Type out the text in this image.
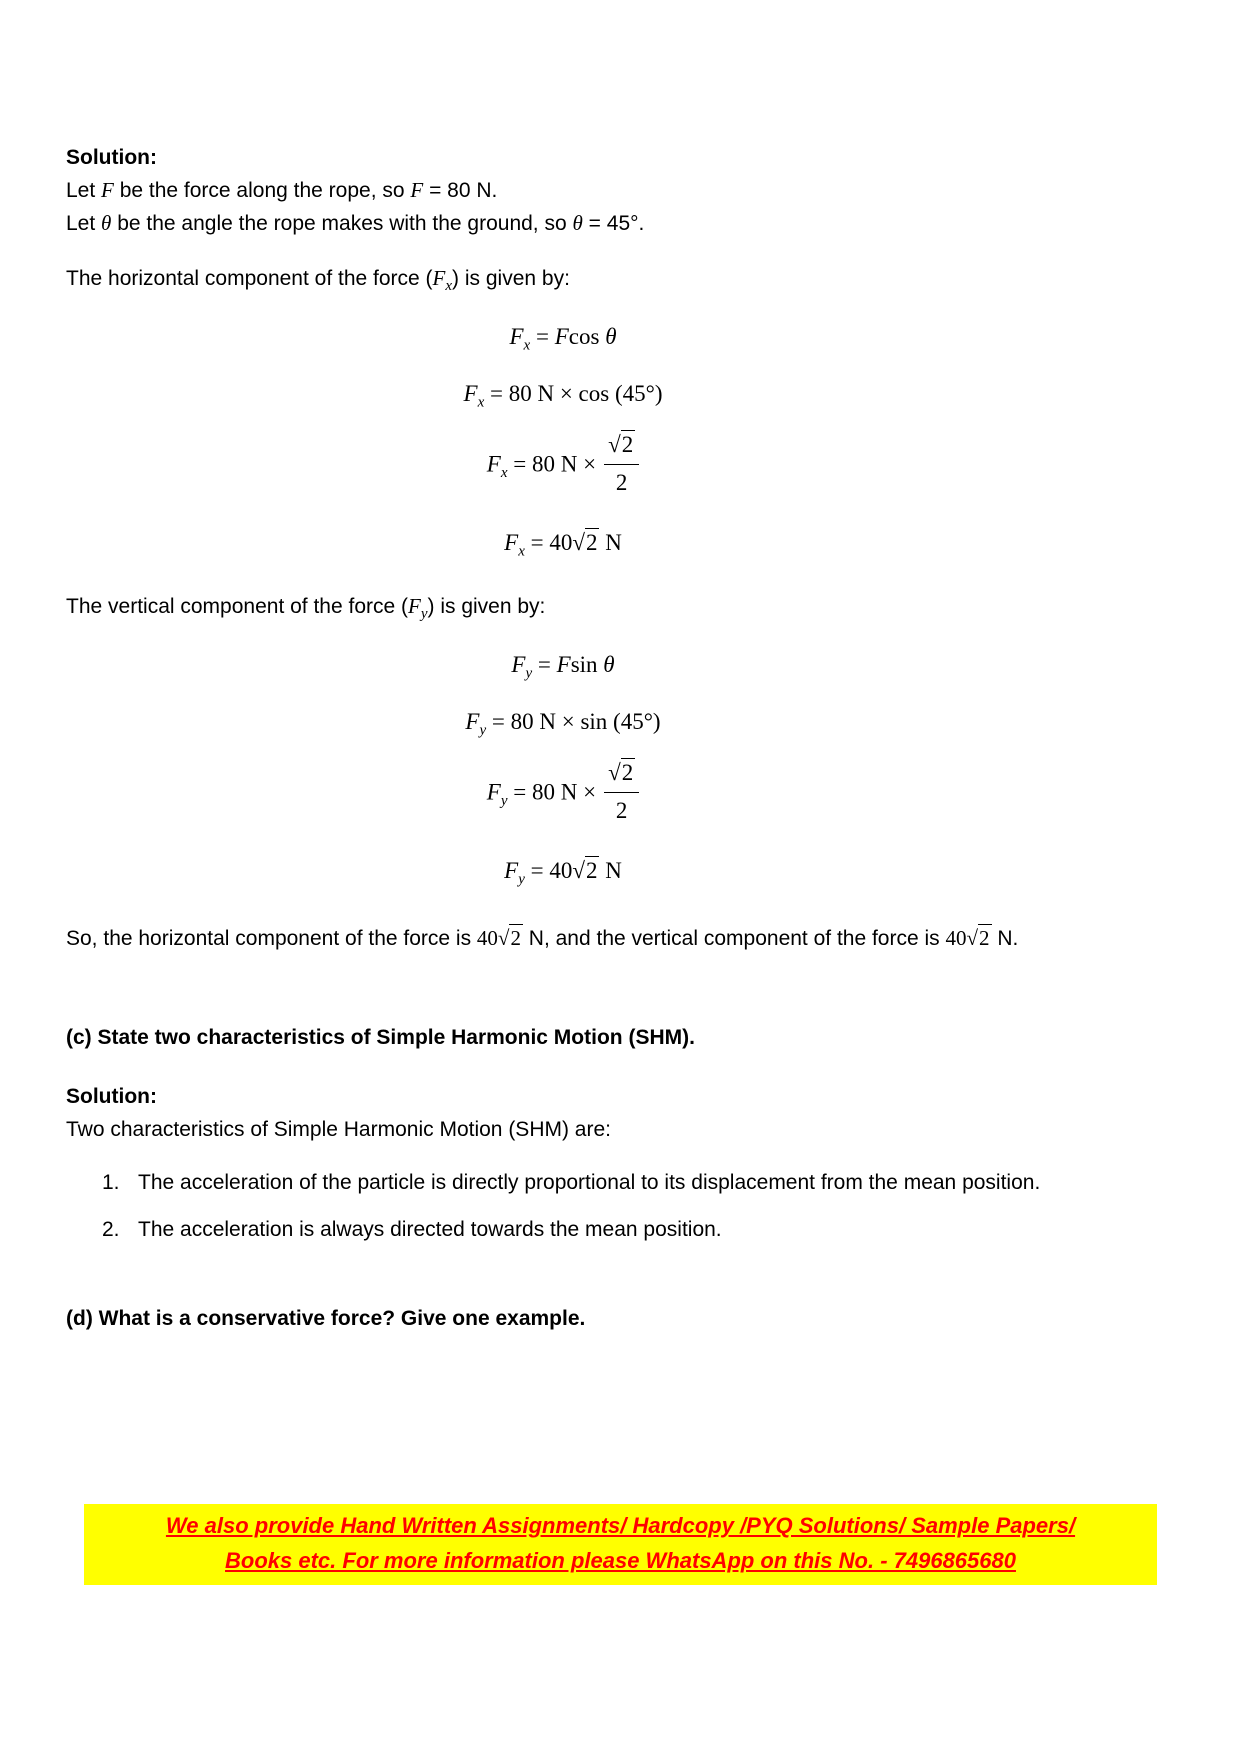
Solution:

Let F be the force along the rope, so F = 80 N.

Let θ be the angle the rope makes with the ground, so θ = 45°.

The horizontal component of the force $(F_x)$ is given by:

$F_x = Fcos$ θ
$F_x = 80$ N × cos (45°)
$F_x = 80$ $N \times \frac{√2}{2}$
$F_x = 40√2$ N

The vertical component of the force $(F_y)$ is given by:

$F_y = Fsin$ θ
$F_y = 80$ N × sin (45°)
$F_y = 80$ $N \times \frac{√2}{2}$
$F_y = 40√2$ N

So, the horizontal component of the force is 40√2 N, and the vertical component of the force is 40√2 N.

(c) State two characteristics of Simple Harmonic Motion (SHM).

Solution:

Two characteristics of Simple Harmonic Motion (SHM) are:

1. The acceleration of the particle is directly proportional to its displacement from the mean position.
2. The acceleration is always directed towards the mean position.

(d) What is a conservative force? Give one example.

We also provide Hand Written Assignments/ Hardcopy /PYQ Solutions/ Sample Papers/
Books etc. For more information please WhatsApp on this No. - 7496865680
